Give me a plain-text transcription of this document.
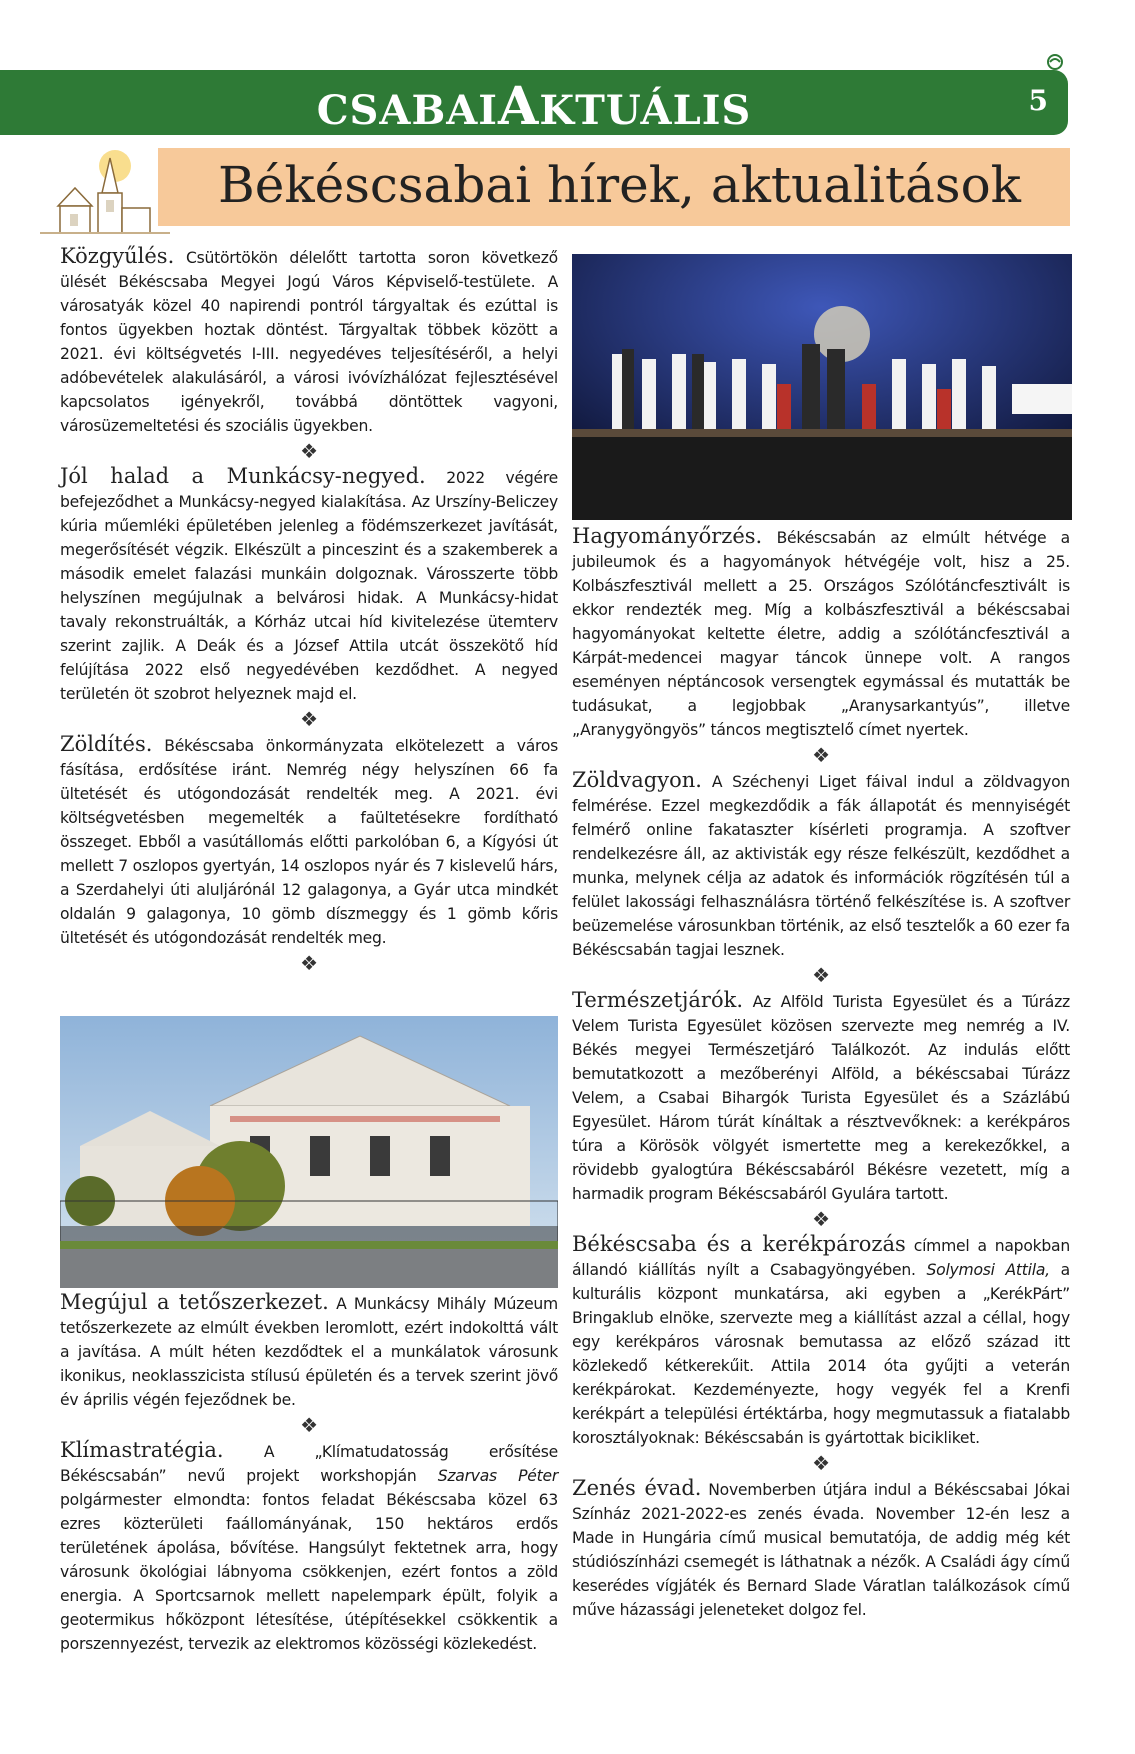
CSABAIAKTUÁLIS	5
Békéscsabai hírek, aktualitások

Közgyűlés. Csütörtökön délelőtt tartotta soron következő ülését Békéscsaba Megyei Jogú Város Képviselő-testülete. A városatyák közel 40 napirendi pontról tárgyaltak és ezúttal is fontos ügyekben hoztak döntést. Tárgyaltak többek között a 2021. évi költségvetés I-III. negyedéves teljesítéséről, a helyi adóbevételek alakulásáról, a városi ivóvízhálózat fejlesztésével kapcsolatos igényekről, továbbá döntöttek vagyoni, városüzemeltetési és szociális ügyekben.

❖

Jól halad a Munkácsy-negyed. 2022 végére befejeződhet a Munkácsy-negyed kialakítása. Az Urszíny-Beliczey kúria műemléki épületében jelenleg a födémszerkezet javítását, megerősítését végzik. Elkészült a pinceszint és a szakemberek a második emelet falazási munkáin dolgoznak. Városszerte több helyszínen megújulnak a belvárosi hidak. A Munkácsy-hidat tavaly rekonstruálták, a Kórház utcai híd kivitelezése ütemterv szerint zajlik. A Deák és a József Attila utcát összekötő híd felújítása 2022 első negyedévében kezdődhet. A negyed területén öt szobrot helyeznek majd el.

❖

Zöldítés. Békéscsaba önkormányzata elkötelezett a város fásítása, erdősítése iránt. Nemrég négy helyszínen 66 fa ültetését és utógondozását rendelték meg. A 2021. évi költségvetésben megemelték a faültetésekre fordítható összeget. Ebből a vasútállomás előtti parkolóban 6, a Kígyósi út mellett 7 oszlopos gyertyán, 14 oszlopos nyár és 7 kislevelű hárs, a Szerdahelyi úti aluljárónál 12 galagonya, a Gyár utca mindkét oldalán 9 galagonya, 10 gömb díszmeggy és 1 gömb kőris ültetését és utógondozását rendelték meg.

❖

Megújul a tetőszerkezet. A Munkácsy Mihály Múzeum tetőszerkezete az elmúlt években leromlott, ezért indokolttá vált a javítása. A múlt héten kezdődtek el a munkálatok városunk ikonikus, neoklasszicista stílusú épületén és a tervek szerint jövő év április végén fejeződnek be.

❖

Klímastratégia.	A „Klímatudatosság erősítése Békéscsabán” nevű projekt workshopján Szarvas Péter polgármester elmondta: fontos feladat Békéscsaba közel 63 ezres közterületi faállományának, 150 hektáros erdős területének ápolása, bővítése. Hangsúlyt fektetnek arra, hogy városunk ökológiai lábnyoma csökkenjen, ezért fontos a zöld energia. A Sportcsarnok mellett napelempark épült, folyik a geotermikus hőközpont létesítése, útépítésekkel csökkentik a porszennyezést, tervezik az elektromos közösségi közlekedést.

Hagyományőrzés. Békéscsabán az elmúlt hétvége a jubileumok és a hagyományok hétvégéje volt, hisz a 25. Kolbászfesztivál mellett a 25. Országos Szólótáncfesztivált is ekkor rendezték meg. Míg a kolbászfesztivál a békéscsabai hagyományokat keltette életre, addig a szólótáncfesztivál a Kárpát-medencei magyar táncok ünnepe volt. A rangos eseményen néptáncosok versengtek egymással és mutatták be tudásukat, a legjobbak „Aranysarkantyús”, illetve „Aranygyöngyös” táncos megtisztelő címet nyertek.

❖

Zöldvagyon. A Széchenyi Liget fáival indul a zöldvagyon felmérése. Ezzel megkezdődik a fák állapotát és mennyiségét felmérő online fakataszter kísérleti programja. A szoftver rendelkezésre áll, az aktivisták egy része felkészült, kezdődhet a munka, melynek célja az adatok és információk rögzítésén túl a felület lakossági felhasználásra történő felkészítése is. A szoftver beüzemelése városunkban történik, az első tesztelők a 60 ezer fa Békéscsabán tagjai lesznek.

❖

Természetjárók. Az Alföld Turista Egyesület és a Túrázz Velem Turista Egyesület közösen szervezte meg nemrég a IV. Békés megyei Természetjáró Találkozót. Az indulás előtt bemutatkozott a mezőberényi Alföld, a békéscsabai Túrázz Velem, a Csabai Bihargók Turista Egyesület és a Százlábú Egyesület. Három túrát kínáltak a résztvevőknek: a kerékpáros túra a Körösök völgyét ismertette meg a kerekezőkkel, a rövidebb gyalogtúra Békéscsabáról Békésre vezetett, míg a harmadik program Békéscsabáról Gyulára tartott.

❖

Békéscsaba és a kerékpározás címmel a napokban állandó kiállítás nyílt a Csabagyöngyében. Solymosi Attila, a kulturális központ munkatársa, aki egyben a „KerékPárt” Bringaklub elnöke, szervezte meg a kiállítást azzal a céllal, hogy egy kerékpáros városnak bemutassa az előző század itt közlekedő kétkerekűit. Attila 2014 óta gyűjti a veterán kerékpárokat. Kezdeményezte, hogy vegyék fel a Krenfi kerékpárt a települési értéktárba, hogy megmutassuk a fiatalabb korosztályoknak: Békéscsabán is gyártottak bicikliket.

❖

Zenés évad. Novemberben útjára indul a Békéscsabai Jókai Színház 2021-2022-es zenés évada. November 12-én lesz a Made in Hungária című musical bemutatója, de addig még két stúdiószínházi csemegét is láthatnak a nézők. A Családi ágy című keserédes vígjáték és Bernard Slade Váratlan találkozások című műve házassági jeleneteket dolgoz fel.
